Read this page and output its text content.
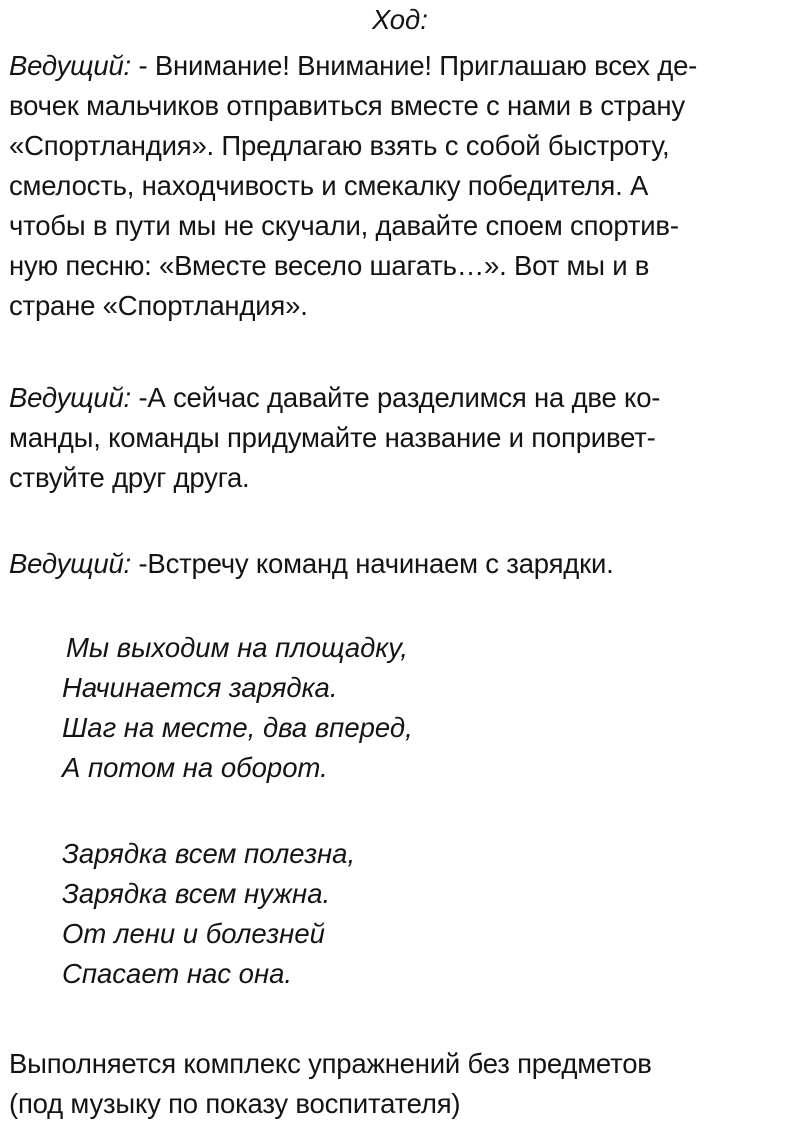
Ход:
Ведущий: - Внимание! Внимание! Приглашаю всех де-
вочек мальчиков отправиться вместе с нами в страну
«Спортландия». Предлагаю взять с собой быстроту,
смелость, находчивость и смекалку победителя. А
чтобы в пути мы не скучали, давайте споем спортив-
ную песню: «Вместе весело шагать…». Вот мы и в
стране «Спортландия».
Ведущий: -А сейчас давайте разделимся на две ко-
манды, команды придумайте название и попривет-
ствуйте друг друга.
Ведущий: -Встречу команд начинаем с зарядки.
Мы выходим на площадку,
Начинается зарядка.
Шаг на месте, два вперед,
А потом на оборот.
Зарядка всем полезна,
Зарядка всем нужна.
От лени и болезней
Спасает нас она.
Выполняется комплекс упражнений без предметов
(под музыку по показу воспитателя)
